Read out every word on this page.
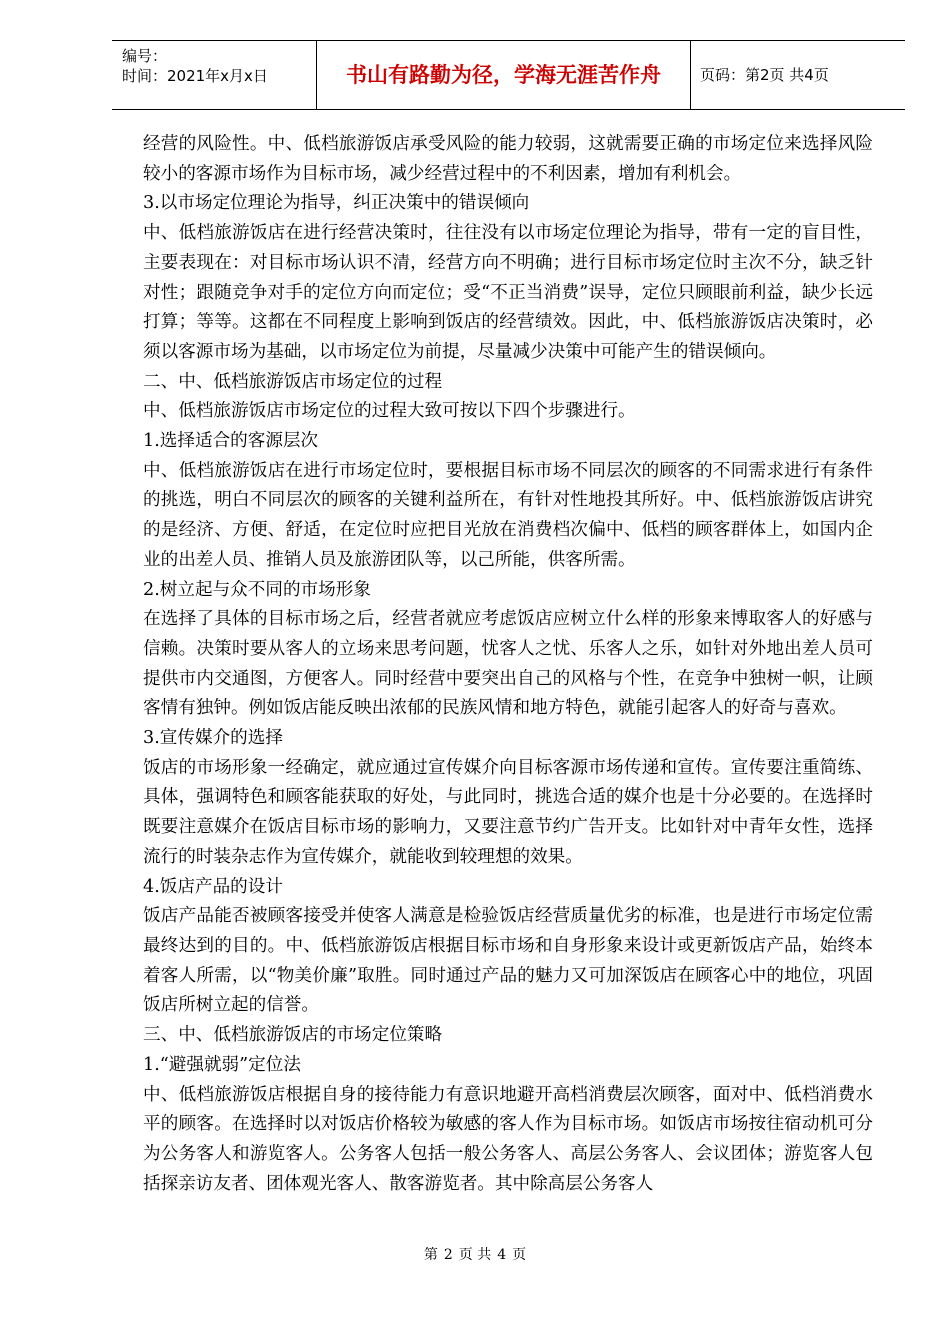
编号：
时间：2021年x月x日	书山有路勤为径，学海无涯苦作舟	页码：第2页 共4页

经营的风险性。中、低档旅游饭店承受风险的能力较弱，这就需要正确的市场定位来选择风险较小的客源市场作为目标市场，减少经营过程中的不利因素，增加有利机会。

3.以市场定位理论为指导，纠正决策中的错误倾向

中、低档旅游饭店在进行经营决策时，往往没有以市场定位理论为指导，带有一定的盲目性，主要表现在：对目标市场认识不清，经营方向不明确；进行目标市场定位时主次不分，缺乏针对性；跟随竞争对手的定位方向而定位；受“不正当消费”误导，定位只顾眼前利益，缺少长远打算；等等。这都在不同程度上影响到饭店的经营绩效。因此，中、低档旅游饭店决策时，必须以客源市场为基础，以市场定位为前提，尽量减少决策中可能产生的错误倾向。

二、中、低档旅游饭店市场定位的过程

中、低档旅游饭店市场定位的过程大致可按以下四个步骤进行。

1.选择适合的客源层次

中、低档旅游饭店在进行市场定位时，要根据目标市场不同层次的顾客的不同需求进行有条件的挑选，明白不同层次的顾客的关键利益所在，有针对性地投其所好。中、低档旅游饭店讲究的是经济、方便、舒适，在定位时应把目光放在消费档次偏中、低档的顾客群体上，如国内企业的出差人员、推销人员及旅游团队等，以己所能，供客所需。

2.树立起与众不同的市场形象

在选择了具体的目标市场之后，经营者就应考虑饭店应树立什么样的形象来博取客人的好感与信赖。决策时要从客人的立场来思考问题，忧客人之忧、乐客人之乐，如针对外地出差人员可提供市内交通图，方便客人。同时经营中要突出自己的风格与个性，在竞争中独树一帜，让顾客情有独钟。例如饭店能反映出浓郁的民族风情和地方特色，就能引起客人的好奇与喜欢。

3.宣传媒介的选择

饭店的市场形象一经确定，就应通过宣传媒介向目标客源市场传递和宣传。宣传要注重简练、具体，强调特色和顾客能获取的好处，与此同时，挑选合适的媒介也是十分必要的。在选择时既要注意媒介在饭店目标市场的影响力，又要注意节约广告开支。比如针对中青年女性，选择流行的时装杂志作为宣传媒介，就能收到较理想的效果。

4.饭店产品的设计

饭店产品能否被顾客接受并使客人满意是检验饭店经营质量优劣的标准，也是进行市场定位需最终达到的目的。中、低档旅游饭店根据目标市场和自身形象来设计或更新饭店产品，始终本着客人所需，以“物美价廉”取胜。同时通过产品的魅力又可加深饭店在顾客心中的地位，巩固饭店所树立起的信誉。

三、中、低档旅游饭店的市场定位策略

1.“避强就弱”定位法

中、低档旅游饭店根据自身的接待能力有意识地避开高档消费层次顾客，面对中、低档消费水平的顾客。在选择时以对饭店价格较为敏感的客人作为目标市场。如饭店市场按往宿动机可分为公务客人和游览客人。公务客人包括一般公务客人、高层公务客人、会议团体；游览客人包括探亲访友者、团体观光客人、散客游览者。其中除高层公务客人

第 2 页 共 4 页
